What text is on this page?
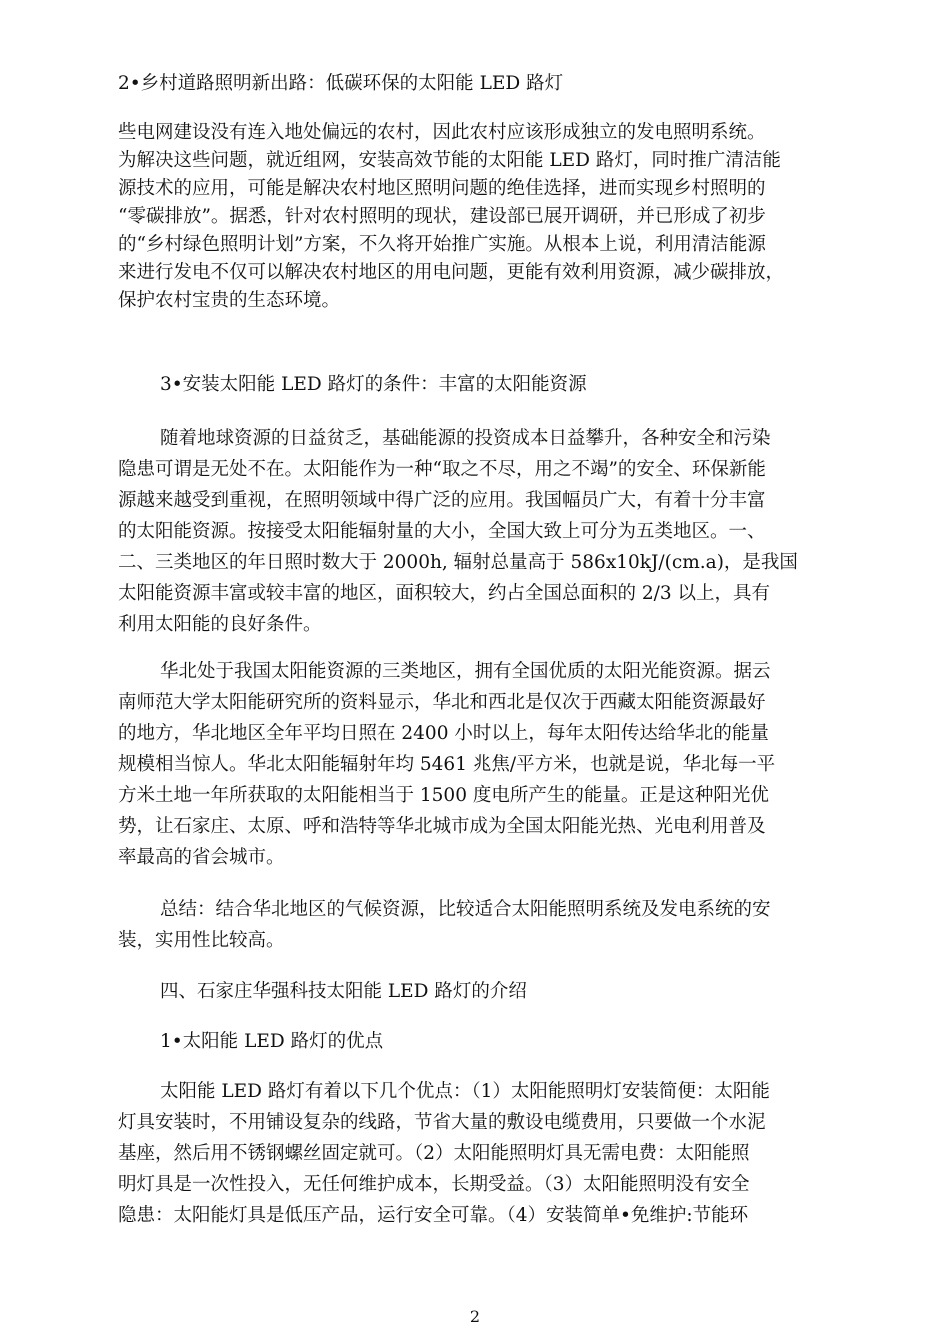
2•乡村道路照明新出路：低碳环保的太阳能 LED 路灯

些电网建设没有连入地处偏远的农村，因此农村应该形成独立的发电照明系统。

为解决这些问题，就近组网，安装高效节能的太阳能 LED 路灯，同时推广清洁能

源技术的应用，可能是解决农村地区照明问题的绝佳选择，进而实现乡村照明的

“零碳排放”。据悉，针对农村照明的现状，建设部已展开调研，并已形成了初步

的“乡村绿色照明计划”方案，不久将开始推广实施。从根本上说，利用清洁能源

来进行发电不仅可以解决农村地区的用电问题，更能有效利用资源，减少碳排放，

保护农村宝贵的生态环境。

3•安装太阳能 LED 路灯的条件：丰富的太阳能资源

随着地球资源的日益贫乏，基础能源的投资成本日益攀升，各种安全和污染

隐患可谓是无处不在。太阳能作为一种“取之不尽，用之不竭”的安全、环保新能

源越来越受到重视，在照明领域中得广泛的应用。我国幅员广大，有着十分丰富

的太阳能资源。按接受太阳能辐射量的大小，全国大致上可分为五类地区。一、

二、三类地区的年日照时数大于 2000h, 辐射总量高于 586x10kJ/(cm.a)，是我国

太阳能资源丰富或较丰富的地区，面积较大，约占全国总面积的 2/3 以上，具有

利用太阳能的良好条件。

华北处于我国太阳能资源的三类地区，拥有全国优质的太阳光能资源。据云

南师范大学太阳能研究所的资料显示，华北和西北是仅次于西藏太阳能资源最好

的地方，华北地区全年平均日照在 2400 小时以上，每年太阳传达给华北的能量

规模相当惊人。华北太阳能辐射年均 5461 兆焦/平方米，也就是说，华北每一平

方米土地一年所获取的太阳能相当于 1500 度电所产生的能量。正是这种阳光优

势，让石家庄、太原、呼和浩特等华北城市成为全国太阳能光热、光电利用普及

率最高的省会城市。

总结：结合华北地区的气候资源，比较适合太阳能照明系统及发电系统的安

装，实用性比较高。

四、石家庄华强科技太阳能 LED 路灯的介绍

1•太阳能 LED 路灯的优点

太阳能 LED 路灯有着以下几个优点：（1）太阳能照明灯安装简便：太阳能

灯具安装时，不用铺设复杂的线路，节省大量的敷设电缆费用，只要做一个水泥

基座，然后用不锈钢螺丝固定就可。（2）太阳能照明灯具无需电费：太阳能照

明灯具是一次性投入，无任何维护成本，长期受益。（3）太阳能照明没有安全

隐患：太阳能灯具是低压产品，运行安全可靠。（4）安装简单•免维护:节能环

2
